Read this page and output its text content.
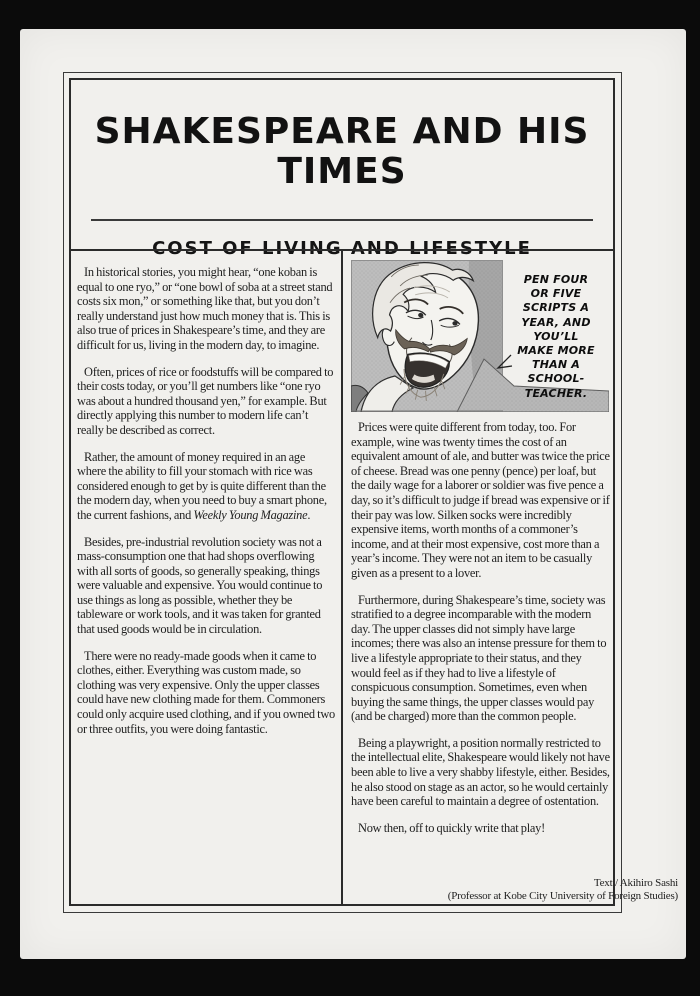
SHAKESPEARE AND HIS TIMES

In historical stories, you might hear, “one koban is equal to one ryo,” or “one bowl of soba at a street stand costs six mon,” or something like that, but you don’t really understand just how much money that is. This is also true of prices in Shakespeare’s time, and they are difficult for us, living in the modern day, to imagine.

Often, prices of rice or foodstuffs will be compared to their costs today, or you’ll get numbers like “one ryo was about a hundred thousand yen,” for example. But directly applying this number to modern life can’t really be described as correct.

Rather, the amount of money required in an age where the ability to fill your stomach with rice was considered enough to get by is quite different than the the modern day, when you need to buy a smart phone, the current fashions, and Weekly Young Magazine.

Besides, pre-industrial revolution society was not a mass-consumption one that had shops overflowing with all sorts of goods, so generally speaking, things were valuable and expensive. You would continue to use things as long as possible, whether they be tableware or work tools, and it was taken for granted that used goods would be in circulation.

There were no ready-made goods when it came to clothes, either. Everything was custom made, so clothing was very expensive. Only the upper classes could have new clothing made for them. Commoners could only acquire used clothing, and if you owned two or three outfits, you were doing fantastic.

PEN FOUR
OR FIVE
SCRIPTS A
YEAR, AND
YOU’LL
MAKE MORE
THAN A
SCHOOL-
TEACHER.

Prices were quite different from today, too. For example, wine was twenty times the cost of an equivalent amount of ale, and butter was twice the price of cheese. Bread was one penny (pence) per loaf, but the daily wage for a laborer or soldier was five pence a day, so it’s difficult to judge if bread was expensive or if their pay was low. Silken socks were incredibly expensive items, worth months of a commoner’s income, and at their most expensive, cost more than a year’s income. They were not an item to be casually given as a present to a lover.

Furthermore, during Shakespeare’s time, society was stratified to a degree incomparable with the modern day. The upper classes did not simply have large incomes; there was also an intense pressure for them to live a lifestyle appropriate to their status, and they would feel as if they had to live a lifestyle of conspicuous consumption. Sometimes, even when buying the same things, the upper classes would pay (and be charged) more than the common people.

Being a playwright, a position normally restricted to the intellectual elite, Shakespeare would likely not have been able to live a very shabby lifestyle, either. Besides, he also stood on stage as an actor, so he would certainly have been careful to maintain a degree of ostentation.

Now then, off to quickly write that play!

Text / Akihiro Sashi
(Professor at Kobe City University of Foreign Studies)
